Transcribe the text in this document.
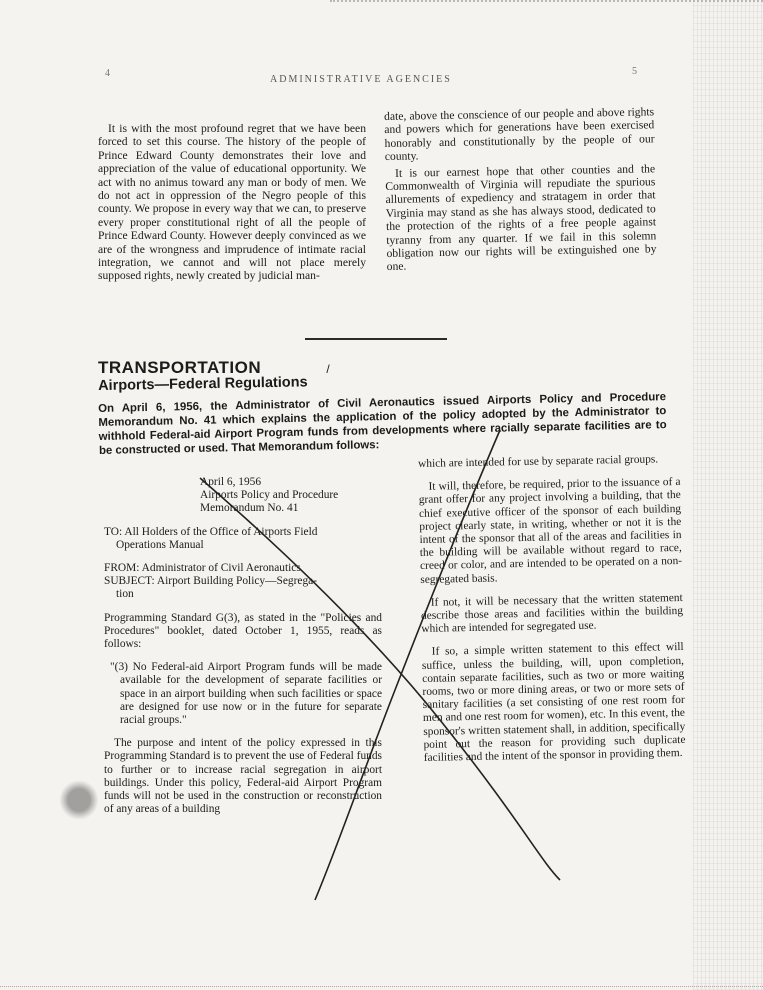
4
ADMINISTRATIVE AGENCIES
5

It is with the most profound regret that we have been forced to set this course. The history of the people of Prince Edward County demonstrates their love and appreciation of the value of educational opportunity. We act with no animus toward any man or body of men. We do not act in oppression of the Negro people of this county. We propose in every way that we can, to preserve every proper constitutional right of all the people of Prince Edward County. However deeply convinced as we are of the wrongness and imprudence of intimate racial integration, we cannot and will not place merely supposed rights, newly created by judicial man-

date, above the conscience of our people and above rights and powers which for generations have been exercised honorably and constitutionally by the people of our county.

It is our earnest hope that other counties and the Commonwealth of Virginia will repudiate the spurious allurements of expediency and stratagem in order that Virginia may stand as she has always stood, dedicated to the protection of the rights of a free people against tyranny from any quarter. If we fail in this solemn obligation now our rights will be extinguished one by one.

TRANSPORTATION	/
Airports—Federal Regulations
On April 6, 1956, the Administrator of Civil Aeronautics issued Airports Policy and Procedure Memorandum No. 41 which explains the application of the policy adopted by the Administrator to withhold Federal-aid Airport Program funds from developments where racially separate facilities are to be constructed or used. That Memorandum follows:
April 6, 1956
Airports Policy and Procedure
Memorandum No. 41
TO: All Holders of the Office of Airports Field
Operations Manual
FROM: Administrator of Civil Aeronautics
SUBJECT: Airport Building Policy—Segrega-
tion

Programming Standard G(3), as stated in the "Policies and Procedures" booklet, dated October 1, 1955, reads as follows:

"(3) No Federal-aid Airport Program funds will be made available for the development of separate facilities or space in an airport building when such facilities or space are designed for use now or in the future for separate racial groups."

The purpose and intent of the policy expressed in this Programming Standard is to prevent the use of Federal funds to further or to increase racial segregation in airport buildings. Under this policy, Federal-aid Airport Program funds will not be used in the construction or reconstruction of any areas of a building

which are intended for use by separate racial groups.

It will, therefore, be required, prior to the issuance of a grant offer for any project involving a building, that the chief executive officer of the sponsor of each building project clearly state, in writing, whether or not it is the intent of the sponsor that all of the areas and facilities in the building will be available without regard to race, creed or color, and are intended to be operated on a non-segregated basis.

If not, it will be necessary that the written statement describe those areas and facilities within the building which are intended for segregated use.

If so, a simple written statement to this effect will suffice, unless the building, will, upon completion, contain separate facilities, such as two or more waiting rooms, two or more dining areas, or two or more sets of sanitary facilities (a set consisting of one rest room for men and one rest room for women), etc. In this event, the sponsor's written statement shall, in addition, specifically point out the reason for providing such duplicate facilities and the intent of the sponsor in providing them.
